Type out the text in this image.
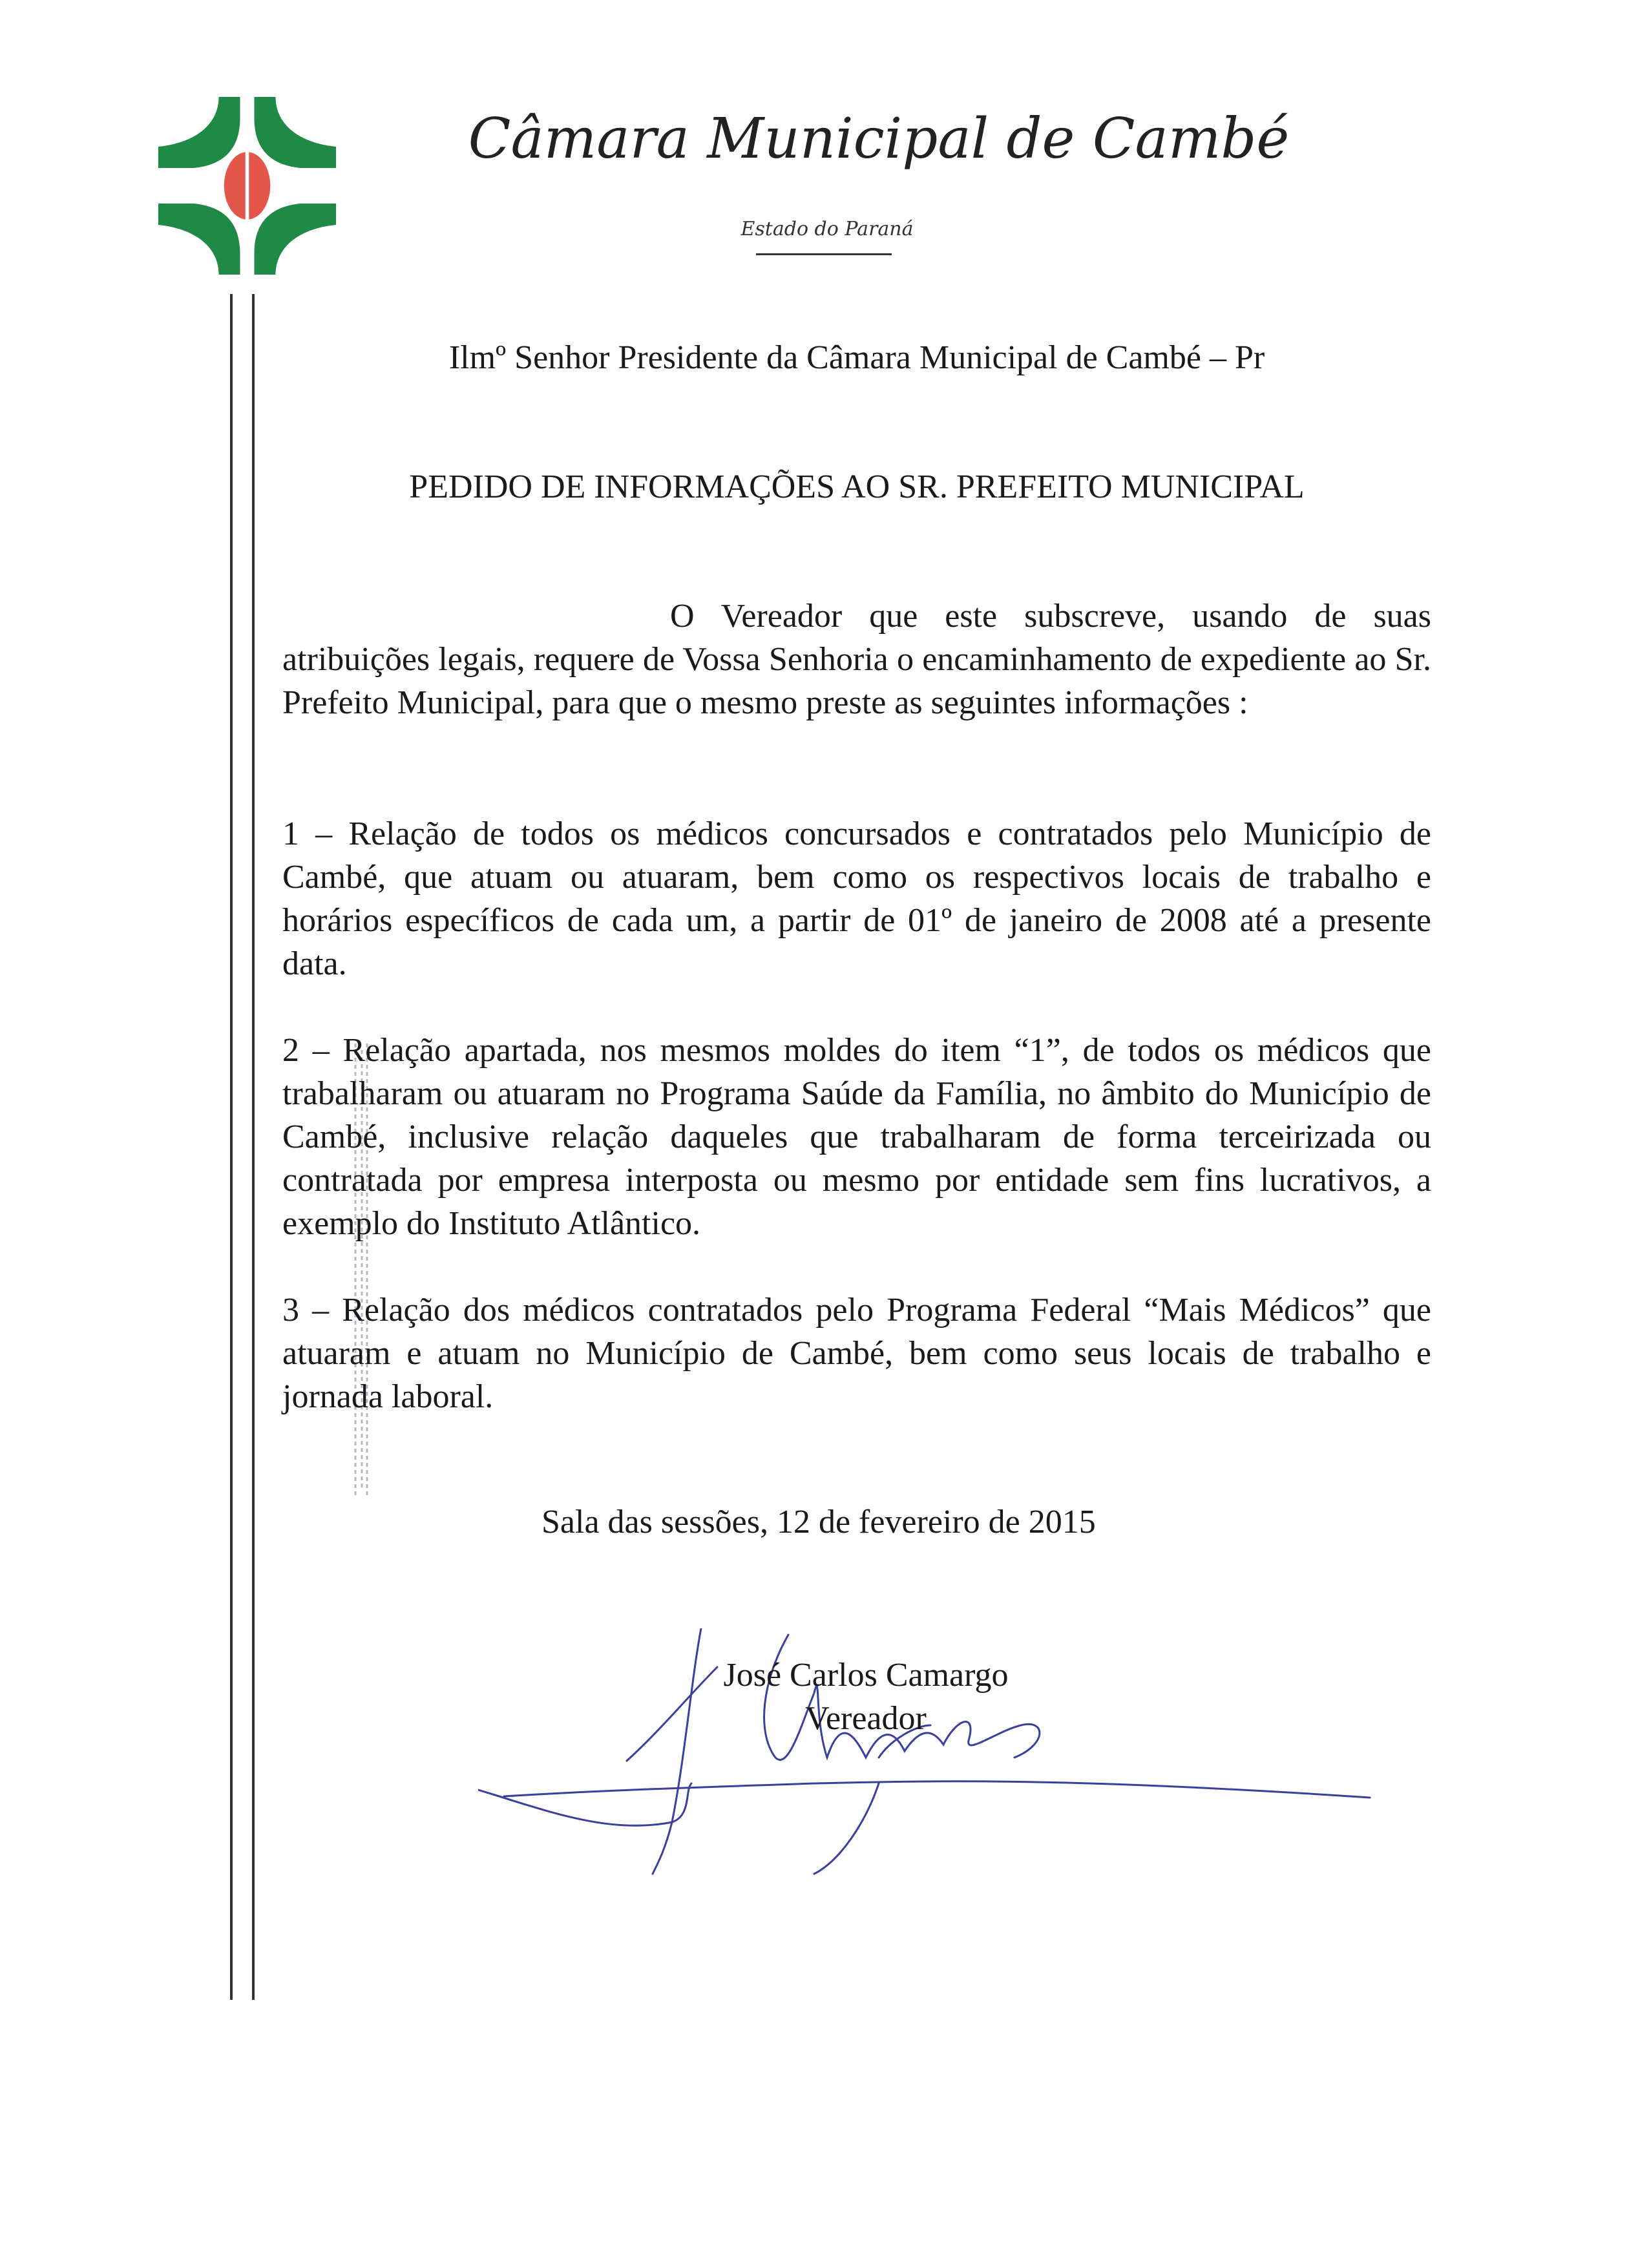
Câmara Municipal de Cambé
Estado do Paraná
Ilmº Senhor Presidente da Câmara Municipal de Cambé – Pr
PEDIDO DE INFORMAÇÕES AO SR. PREFEITO MUNICIPAL
O Vereador que este subscreve, usando de suas atribuições legais, requere de Vossa Senhoria o encaminhamento de expediente ao Sr. Prefeito Municipal, para que o mesmo preste as seguintes informações :
1 – Relação de todos os médicos concursados e contratados pelo Município de Cambé, que atuam ou atuaram, bem como os respectivos locais de trabalho e horários específicos de cada um, a partir de 01º de janeiro de 2008 até a presente data.
2 – Relação apartada, nos mesmos moldes do item “1”, de todos os médicos que trabalharam ou atuaram no Programa Saúde da Família, no âmbito do Município de Cambé, inclusive relação daqueles que trabalharam de forma terceirizada ou contratada por empresa interposta ou mesmo por entidade sem fins lucrativos, a exemplo do Instituto Atlântico.
3 – Relação dos médicos contratados pelo Programa Federal “Mais Médicos” que atuaram e atuam no Município de Cambé, bem como seus locais de trabalho e jornada laboral.
Sala das sessões, 12 de fevereiro de 2015
José Carlos Camargo
Vereador
